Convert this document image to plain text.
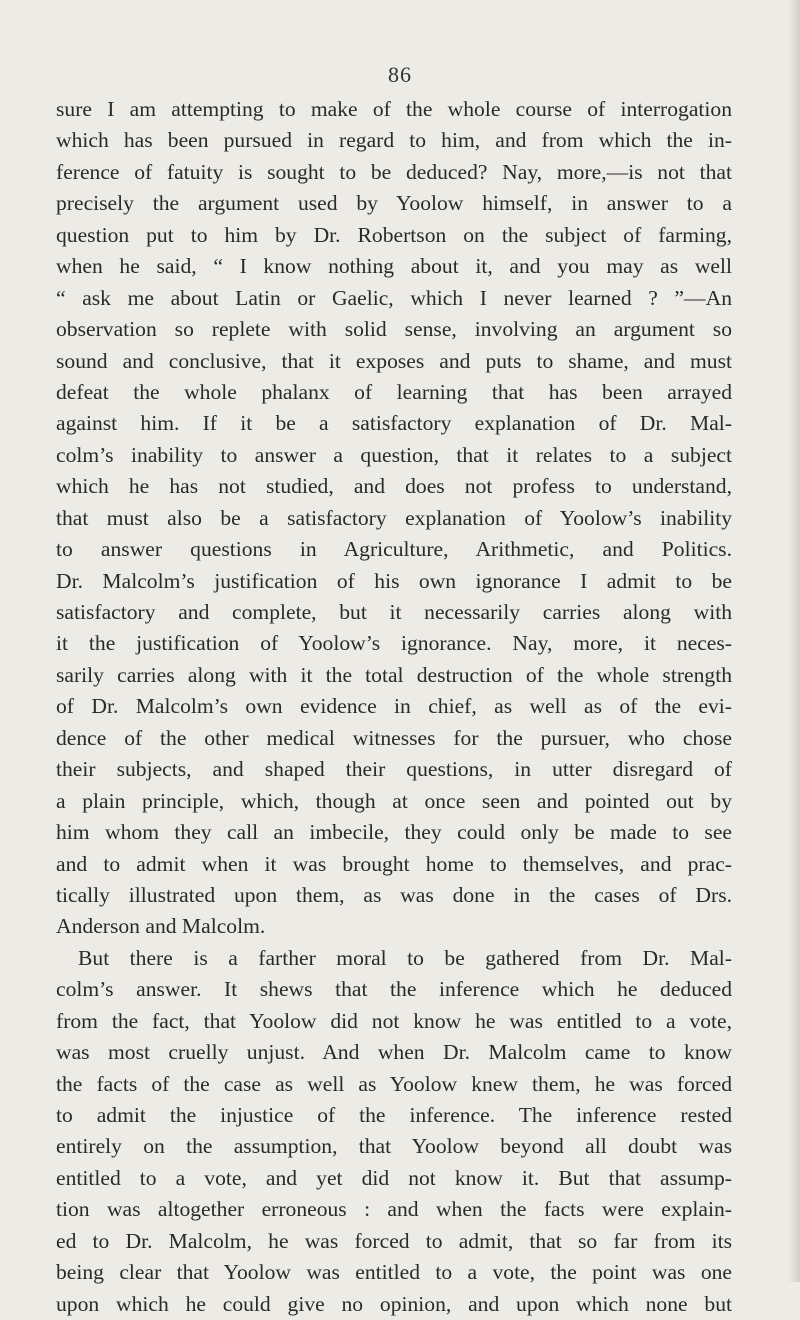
86
sure I am attempting to make of the whole course of interrogation
which has been pursued in regard to him, and from which the in-
ference of fatuity is sought to be deduced? Nay, more,—is not that
precisely the argument used by Yoolow himself, in answer to a
question put to him by Dr. Robertson on the subject of farming,
when he said, “ I know nothing about it, and you may as well
“ ask me about Latin or Gaelic, which I never learned ? ”—An
observation so replete with solid sense, involving an argument so
sound and conclusive, that it exposes and puts to shame, and must
defeat the whole phalanx of learning that has been arrayed
against him. If it be a satisfactory explanation of Dr. Mal-
colm’s inability to answer a question, that it relates to a subject
which he has not studied, and does not profess to understand,
that must also be a satisfactory explanation of Yoolow’s inability
to answer questions in Agriculture, Arithmetic, and Politics.
Dr. Malcolm’s justification of his own ignorance I admit to be
satisfactory and complete, but it necessarily carries along with
it the justification of Yoolow’s ignorance. Nay, more, it neces-
sarily carries along with it the total destruction of the whole strength
of Dr. Malcolm’s own evidence in chief, as well as of the evi-
dence of the other medical witnesses for the pursuer, who chose
their subjects, and shaped their questions, in utter disregard of
a plain principle, which, though at once seen and pointed out by
him whom they call an imbecile, they could only be made to see
and to admit when it was brought home to themselves, and prac-
tically illustrated upon them, as was done in the cases of Drs.
Anderson and Malcolm.
But there is a farther moral to be gathered from Dr. Mal-
colm’s answer. It shews that the inference which he deduced
from the fact, that Yoolow did not know he was entitled to a vote,
was most cruelly unjust. And when Dr. Malcolm came to know
the facts of the case as well as Yoolow knew them, he was forced
to admit the injustice of the inference. The inference rested
entirely on the assumption, that Yoolow beyond all doubt was
entitled to a vote, and yet did not know it. But that assump-
tion was altogether erroneous : and when the facts were explain-
ed to Dr. Malcolm, he was forced to admit, that so far from its
being clear that Yoolow was entitled to a vote, the point was one
upon which he could give no opinion, and upon which none but
